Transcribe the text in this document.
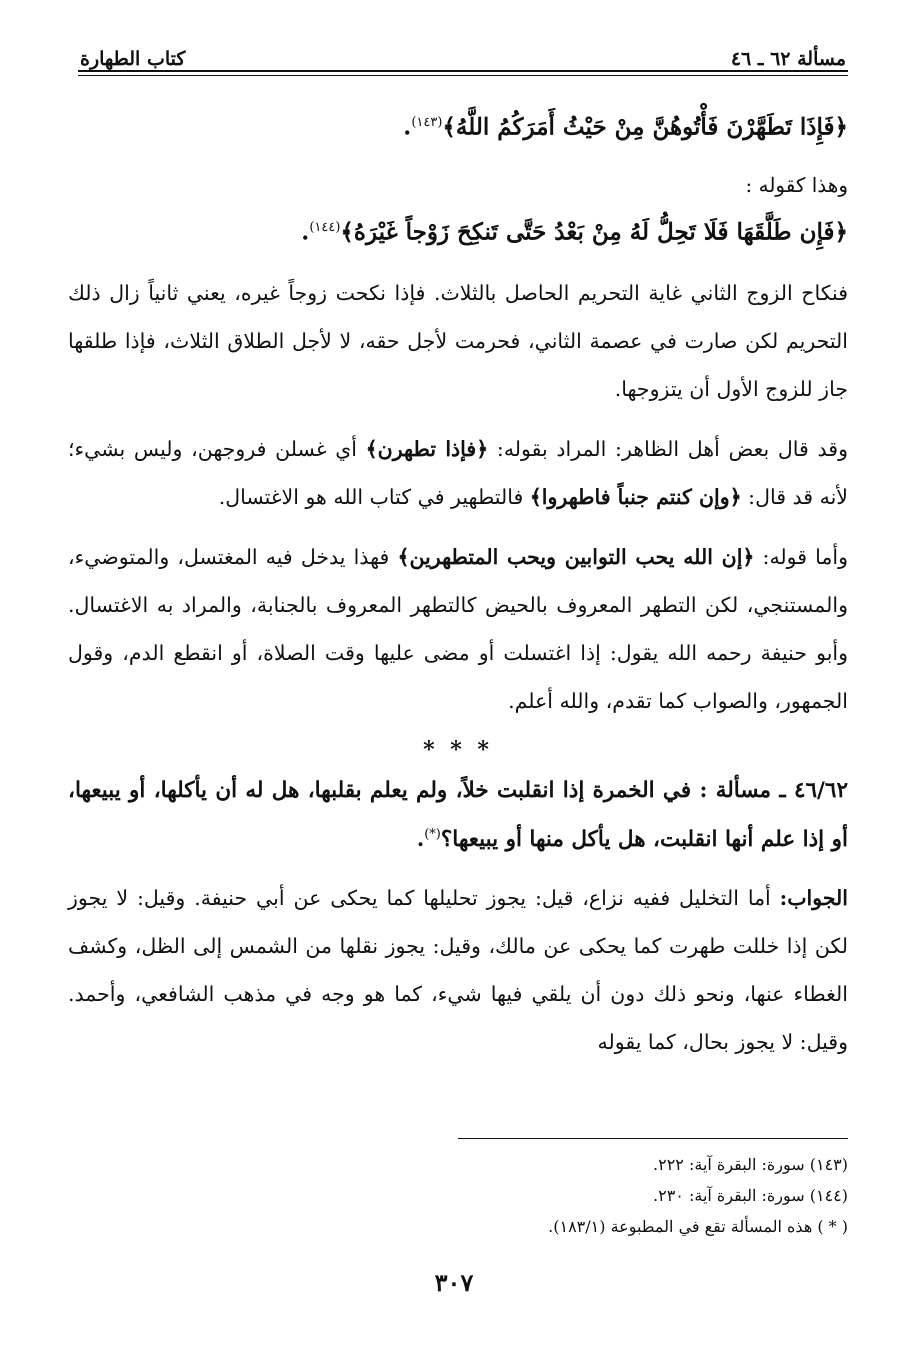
مسألة ٦٢ ـ ٤٦
كتاب الطهارة

﴿فَإِذَا تَطَهَّرْنَ فَأْتُوهُنَّ مِنْ حَيْثُ أَمَرَكُمُ اللَّهُ﴾$^{(١٤٣)}$.

وهذا كقوله :

﴿فَإِن طَلَّقَهَا فَلَا تَحِلُّ لَهُ مِنْ بَعْدُ حَتَّى تَنكِحَ زَوْجاً غَيْرَهُ﴾$^{(١٤٤)}$.

فنكاح الزوج الثاني غاية التحريم الحاصل بالثلاث. فإذا نكحت زوجاً غيره، يعني ثانياً زال ذلك التحريم لكن صارت في عصمة الثاني، فحرمت لأجل حقه، لا لأجل الطلاق الثلاث، فإذا طلقها جاز للزوج الأول أن يتزوجها.

وقد قال بعض أهل الظاهر: المراد بقوله: ﴿فإذا تطهرن﴾ أي غسلن فروجهن، وليس بشيء؛ لأنه قد قال: ﴿وإن كنتم جنباً فاطهروا﴾ فالتطهير في كتاب الله هو الاغتسال.

وأما قوله: ﴿إن الله يحب التوابين ويحب المتطهرين﴾ فهذا يدخل فيه المغتسل، والمتوضيء، والمستنجي، لكن التطهر المعروف بالحيض كالتطهر المعروف بالجنابة، والمراد به الاغتسال. وأبو حنيفة رحمه الله يقول: إذا اغتسلت أو مضى عليها وقت الصلاة، أو انقطع الدم، وقول الجمهور، والصواب كما تقدم، والله أعلم.

* * *

٤٦/٦٢ ـ مسألة : في الخمرة إذا انقلبت خلاً، ولم يعلم بقلبها، هل له أن يأكلها، أو يبيعها، أو إذا علم أنها انقلبت، هل يأكل منها أو يبيعها؟(*).

الجواب: أما التخليل ففيه نزاع، قيل: يجوز تحليلها كما يحكى عن أبي حنيفة. وقيل: لا يجوز لكن إذا خللت طهرت كما يحكى عن مالك، وقيل: يجوز نقلها من الشمس إلى الظل، وكشف الغطاء عنها، ونحو ذلك دون أن يلقي فيها شيء، كما هو وجه في مذهب الشافعي، وأحمد. وقيل: لا يجوز بحال، كما يقوله

(١٤٣) سورة: البقرة آية: ٢٢٢.

(١٤٤) سورة: البقرة آية: ٢٣٠.

( * ) هذه المسألة تقع في المطبوعة (١٨٣/١).

٣٠٧
